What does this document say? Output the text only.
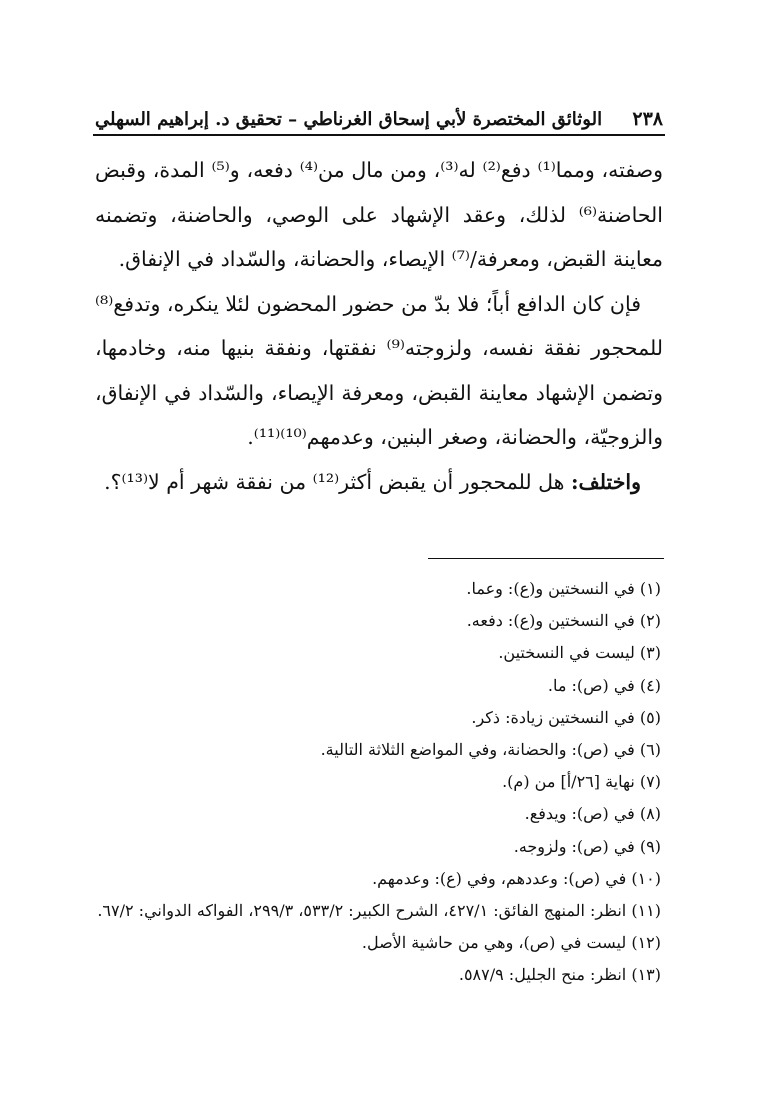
٢٣٨
الوثائق المختصرة لأبي إسحاق الغرناطي – تحقيق د. إبراهيم السهلي

وصفته، ومما⁽¹⁾ دفع⁽²⁾ له⁽³⁾، ومن مال من⁽⁴⁾ دفعه، و⁽⁵⁾ المدة، وقبض الحاضنة⁽⁶⁾ لذلك، وعقد الإشهاد على الوصي، والحاضنة، وتضمنه معاينة القبض، ومعرفة/⁽⁷⁾ الإيصاء، والحضانة، والسّداد في الإنفاق.

فإن كان الدافع أباً؛ فلا بدّ من حضور المحضون لئلا ينكره، وتدفع⁽⁸⁾ للمحجور نفقة نفسه، ولزوجته⁽⁹⁾ نفقتها، ونفقة بنيها منه، وخادمها، وتضمن الإشهاد معاينة القبض، ومعرفة الإيصاء، والسّداد في الإنفاق، والزوجيّة، والحضانة، وصغر البنين، وعدمهم⁽¹⁰⁾⁽¹¹⁾.

واختلف: هل للمحجور أن يقبض أكثر⁽¹²⁾ من نفقة شهر أم لا⁽¹³⁾؟.

(١) في النسختين و(ع): وعما.
(٢) في النسختين و(ع): دفعه.
(٣) ليست في النسختين.
(٤) في (ص): ما.
(٥) في النسختين زيادة: ذكر.
(٦) في (ص): والحضانة، وفي المواضع الثلاثة التالية.
(٧) نهاية [٢٦/أ] من (م).
(٨) في (ص): ويدفع.
(٩) في (ص): ولزوجه.
(١٠) في (ص): وعددهم، وفي (ع): وعدمهم.
(١١) انظر: المنهج الفائق: ٤٢٧/١، الشرح الكبير: ٥٣٣/٢، ٢٩٩/٣، الفواكه الدواني: ٦٧/٢.
(١٢) ليست في (ص)، وهي من حاشية الأصل.
(١٣) انظر: منح الجليل: ٥٨٧/٩.
